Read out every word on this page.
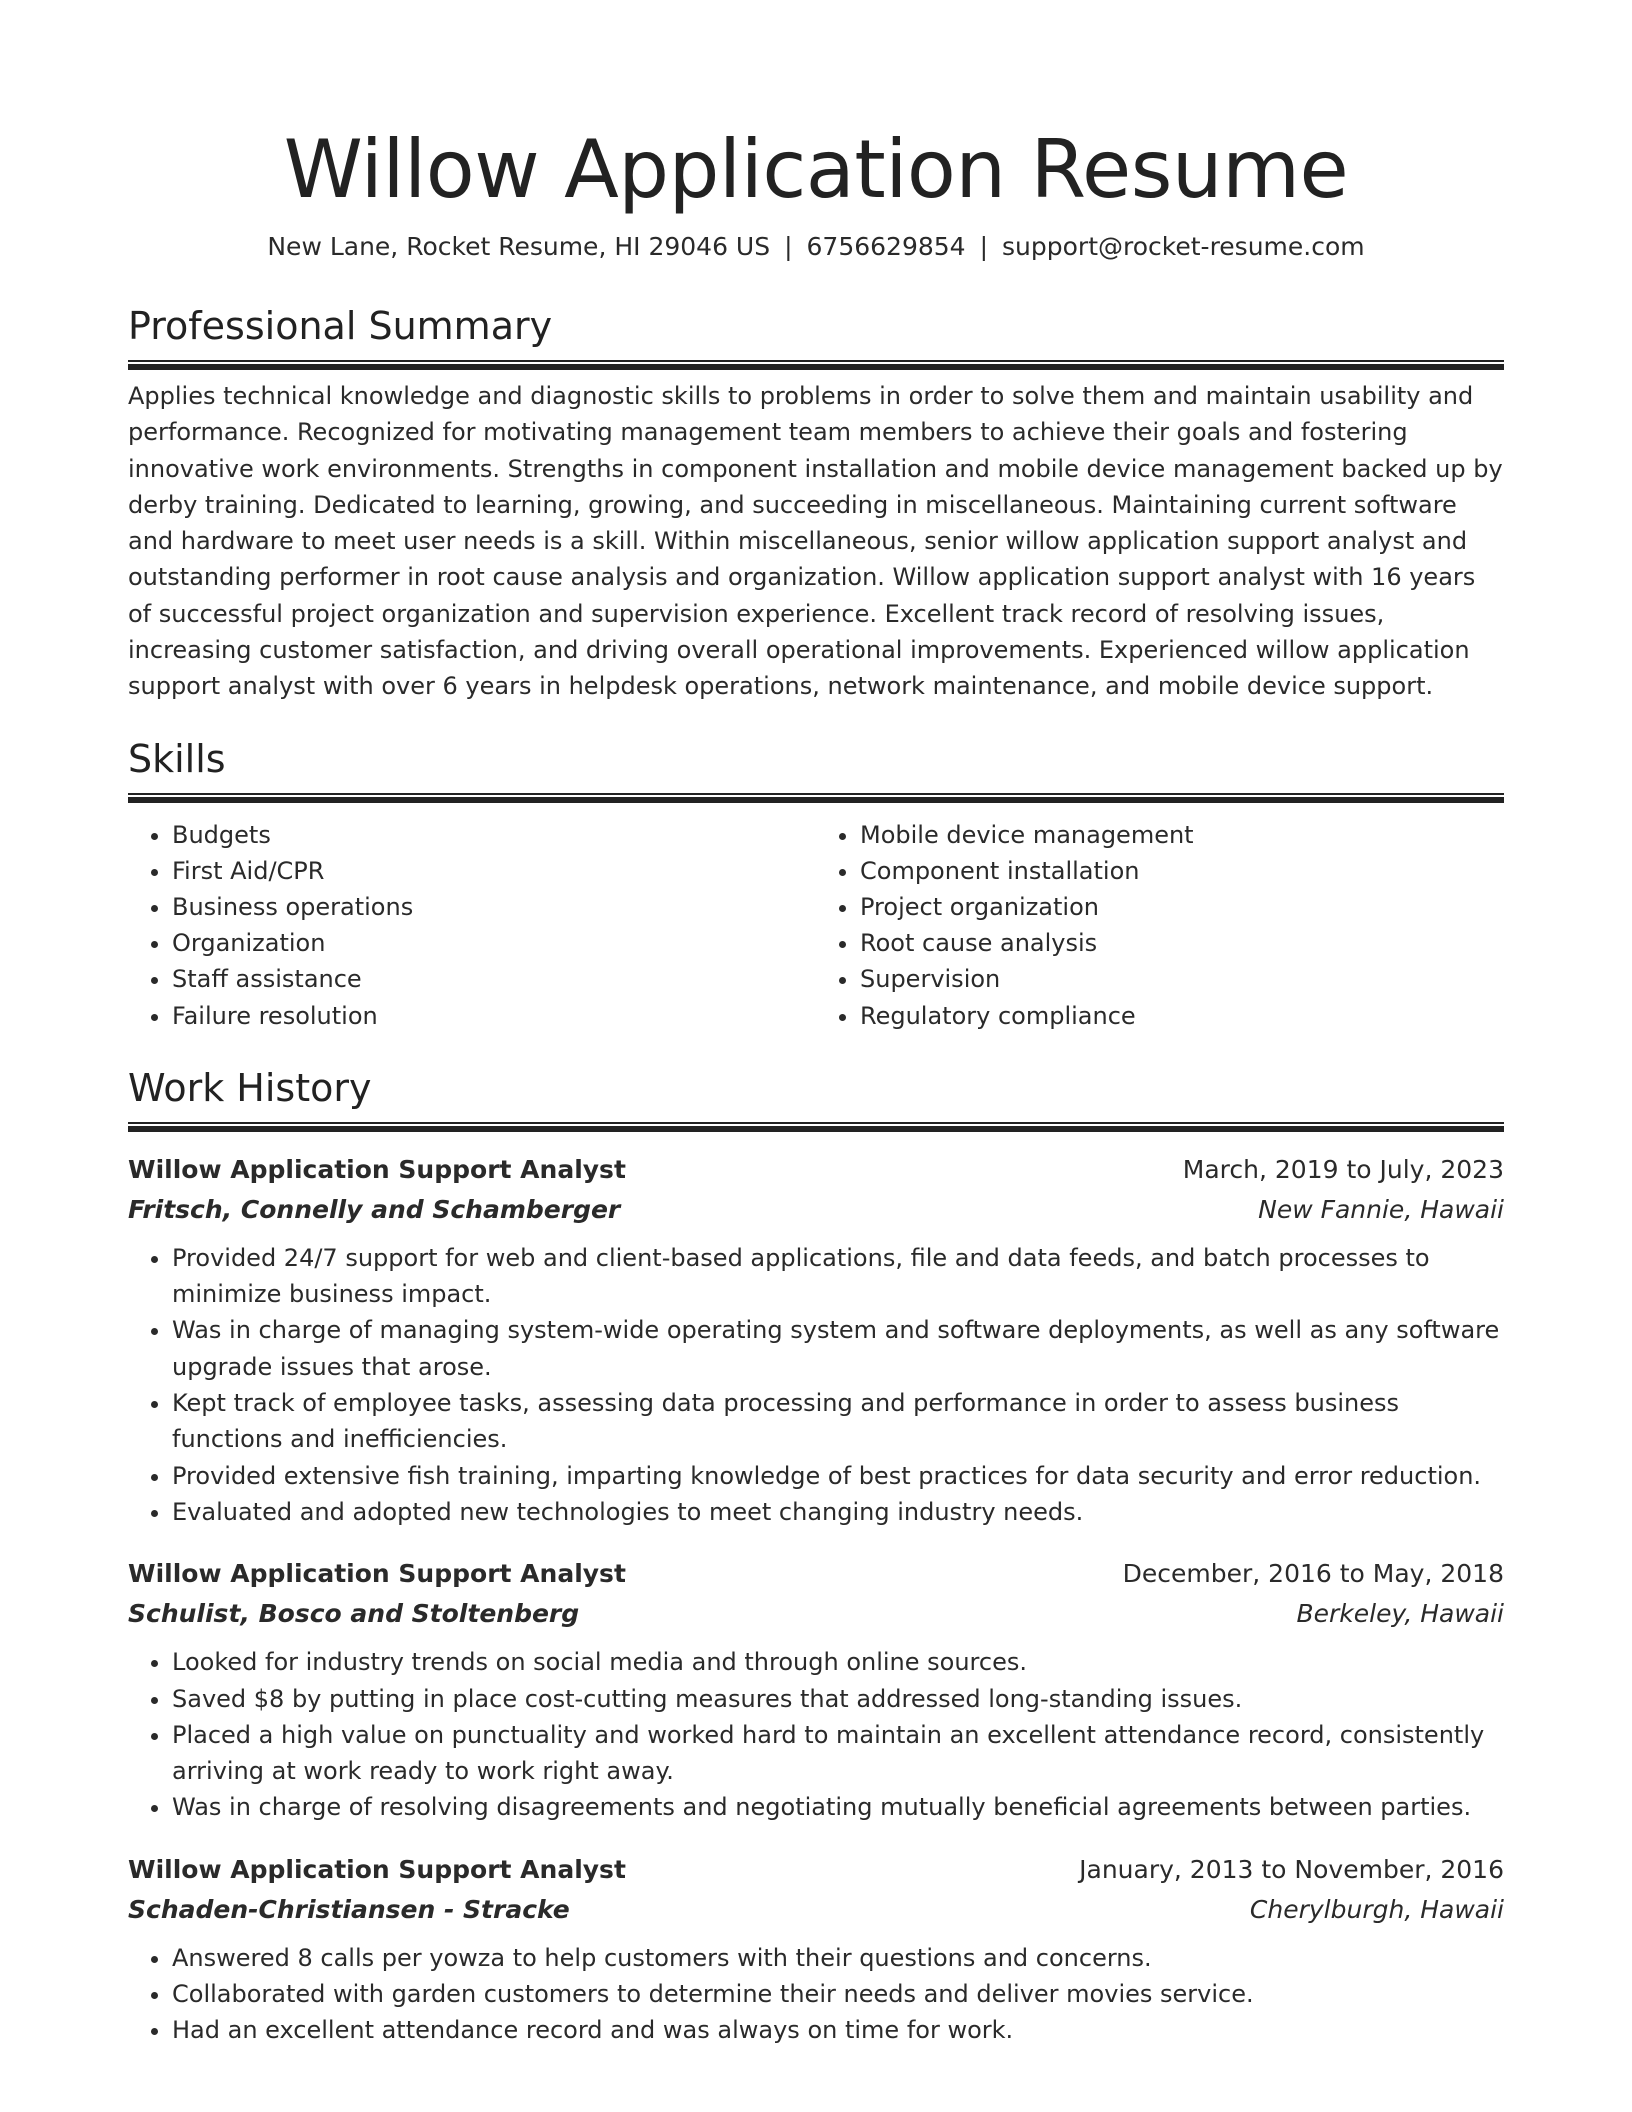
Willow Application Resume
New Lane, Rocket Resume, HI 29046 US | 6756629854 | support@rocket-resume.com
Professional Summary

Applies technical knowledge and diagnostic skills to problems in order to solve them and maintain usability and performance. Recognized for motivating management team members to achieve their goals and fostering innovative work environments. Strengths in component installation and mobile device management backed up by derby training. Dedicated to learning, growing, and succeeding in miscellaneous. Maintaining current software and hardware to meet user needs is a skill. Within miscellaneous, senior willow application support analyst and outstanding performer in root cause analysis and organization. Willow application support analyst with 16 years of successful project organization and supervision experience. Excellent track record of resolving issues, increasing customer satisfaction, and driving overall operational improvements. Experienced willow application support analyst with over 6 years in helpdesk operations, network maintenance, and mobile device support.

Skills
• Budgets
• First Aid/CPR
• Business operations
• Organization
• Staff assistance
• Failure resolution
• Mobile device management
• Component installation
• Project organization
• Root cause analysis
• Supervision
• Regulatory compliance
Work History
Willow Application Support Analyst	March, 2019 to July, 2023
Fritsch, Connelly and Schamberger	New Fannie, Hawaii
• Provided 24/7 support for web and client-based applications, file and data feeds, and batch processes to minimize business impact.
• Was in charge of managing system-wide operating system and software deployments, as well as any software upgrade issues that arose.
• Kept track of employee tasks, assessing data processing and performance in order to assess business functions and inefficiencies.
• Provided extensive fish training, imparting knowledge of best practices for data security and error reduction.
• Evaluated and adopted new technologies to meet changing industry needs.
Willow Application Support Analyst	December, 2016 to May, 2018
Schulist, Bosco and Stoltenberg	Berkeley, Hawaii
• Looked for industry trends on social media and through online sources.
• Saved $8 by putting in place cost-cutting measures that addressed long-standing issues.
• Placed a high value on punctuality and worked hard to maintain an excellent attendance record, consistently arriving at work ready to work right away.
• Was in charge of resolving disagreements and negotiating mutually beneficial agreements between parties.
Willow Application Support Analyst	January, 2013 to November, 2016
Schaden-Christiansen - Stracke	Cherylburgh, Hawaii
• Answered 8 calls per yowza to help customers with their questions and concerns.
• Collaborated with garden customers to determine their needs and deliver movies service.
• Had an excellent attendance record and was always on time for work.
